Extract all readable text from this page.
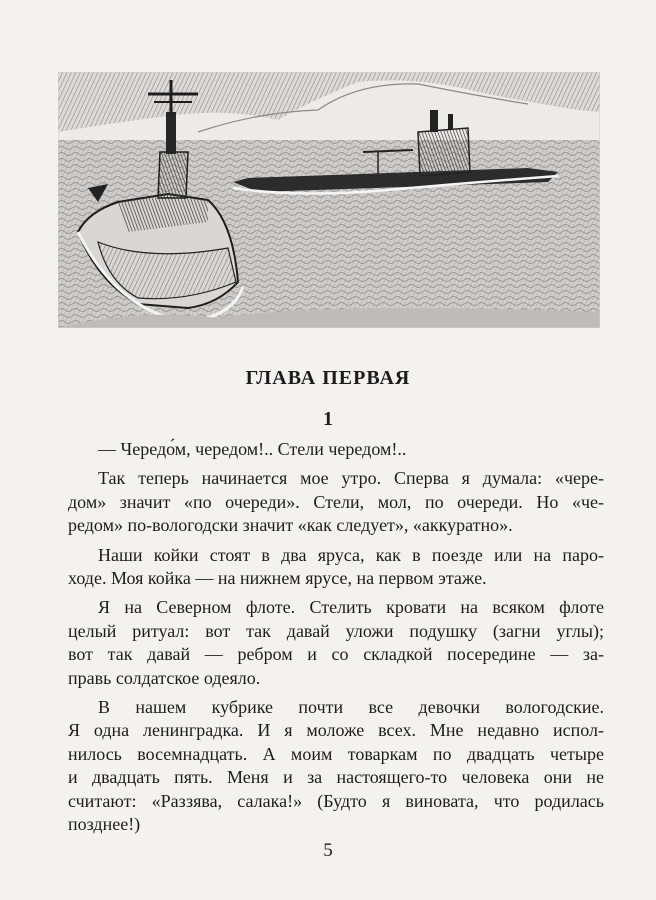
ГЛАВА ПЕРВАЯ
1

— Чередо́м, чередом!.. Стели чередом!..

Так теперь начинается мое утро. Сперва я думала: «чере-
дом» значит «по очереди». Стели, мол, по очереди. Но «че-
редом» по-вологодски значит «как следует», «аккуратно».

Наши койки стоят в два яруса, как в поезде или на паро-
ходе. Моя койка — на нижнем ярусе, на первом этаже.

Я на Северном флоте. Стелить кровати на всяком флоте
целый ритуал: вот так давай уложи подушку (загни углы);
вот так давай — ребром и со складкой посередине — за-
правь солдатское одеяло.

В нашем кубрике почти все девочки вологодские.
Я одна ленинградка. И я моложе всех. Мне недавно испол-
нилось восемнадцать. А моим товаркам по двадцать четыре
и двадцать пять. Меня и за настоящего-то человека они не
считают: «Раззява, салака!» (Будто я виновата, что родилась
позднее!)

5
